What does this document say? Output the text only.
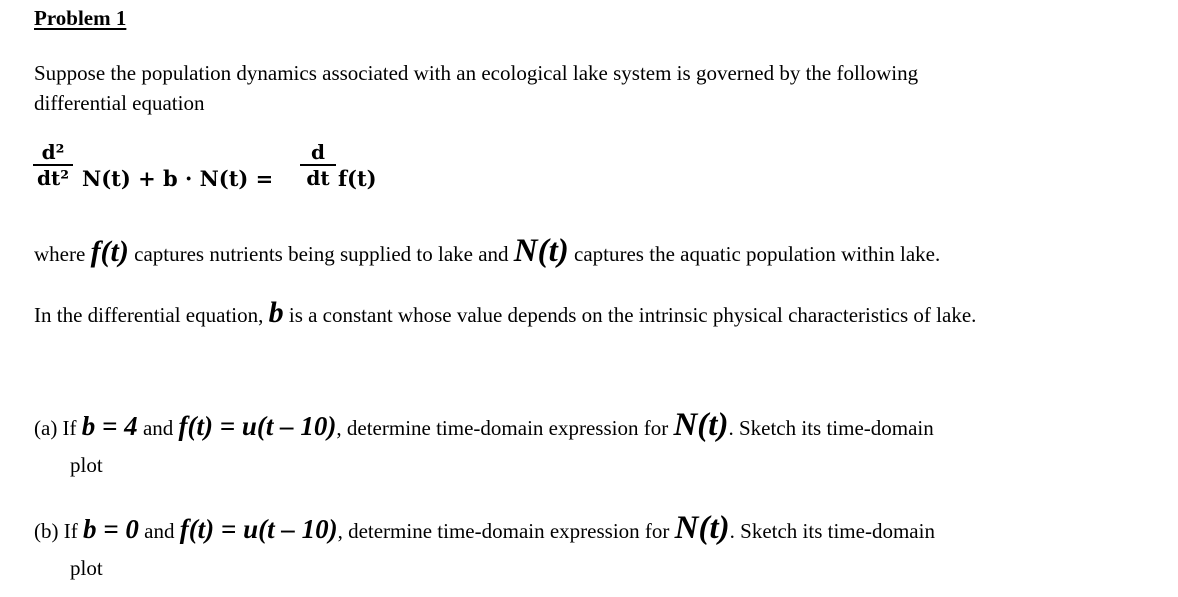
Problem 1
Suppose the population dynamics associated with an ecological lake system is governed by the following
differential equation
d²
dt² N(t) + b · N(t) =
d
dt f(t)
where f(t) captures nutrients being supplied to lake and N(t) captures the aquatic population within lake.
In the differential equation, b is a constant whose value depends on the intrinsic physical characteristics of lake.
(a) If b = 4 and f(t) = u(t – 10), determine time-domain expression for N(t). Sketch its time-domain
plot
(b) If b = 0 and f(t) = u(t – 10), determine time-domain expression for N(t). Sketch its time-domain
plot
